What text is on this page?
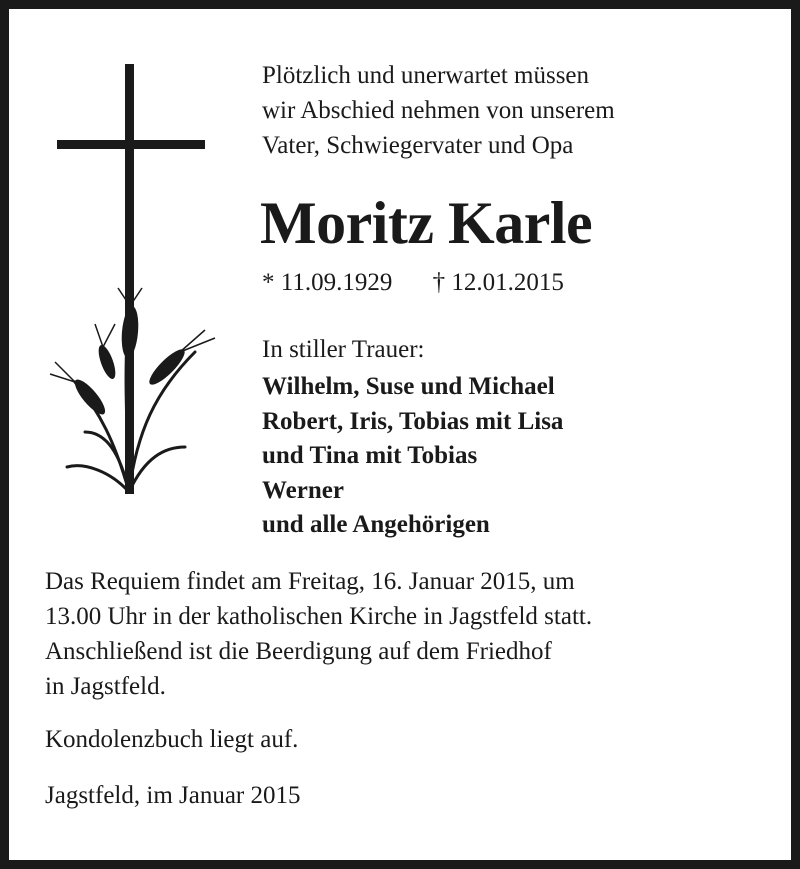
Plötzlich und unerwartet müssen
wir Abschied nehmen von unserem
Vater, Schwiegervater und Opa
Moritz Karle
* 11.09.1929 † 12.01.2015
In stiller Trauer:
Wilhelm, Suse und Michael
Robert, Iris, Tobias mit Lisa
und Tina mit Tobias
Werner
und alle Angehörigen
Das Requiem findet am Freitag, 16. Januar 2015, um
13.00 Uhr in der katholischen Kirche in Jagstfeld statt.
Anschließend ist die Beerdigung auf dem Friedhof
in Jagstfeld.
Kondolenzbuch liegt auf.
Jagstfeld, im Januar 2015
